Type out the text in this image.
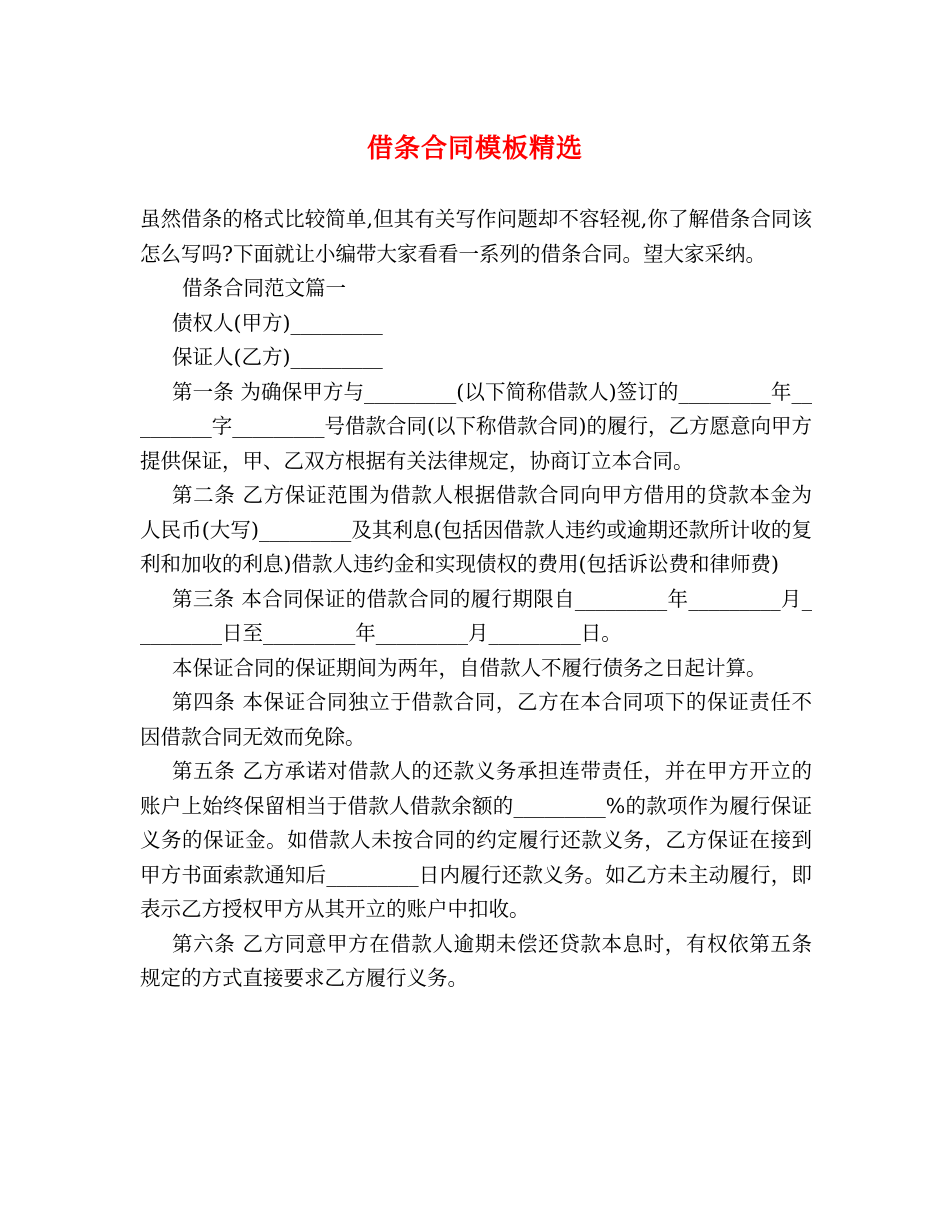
借条合同模板精选

虽然借条的格式比较简单,但其有关写作问题却不容轻视,你了解借条合同该怎么写吗?下面就让小编带大家看看一系列的借条合同。望大家采纳。

借条合同范文篇一

债权人(甲方)_________

保证人(乙方)_________

第一条 为确保甲方与_________(以下简称借款人)签订的_________年_________字_________号借款合同(以下称借款合同)的履行，乙方愿意向甲方提供保证，甲、乙双方根据有关法律规定，协商订立本合同。

第二条 乙方保证范围为借款人根据借款合同向甲方借用的贷款本金为人民币(大写)_________及其利息(包括因借款人违约或逾期还款所计收的复利和加收的利息)借款人违约金和实现债权的费用(包括诉讼费和律师费)

第三条 本合同保证的借款合同的履行期限自_________年_________月_________日至_________年_________月_________日。

本保证合同的保证期间为两年，自借款人不履行债务之日起计算。

第四条 本保证合同独立于借款合同，乙方在本合同项下的保证责任不因借款合同无效而免除。

第五条 乙方承诺对借款人的还款义务承担连带责任，并在甲方开立的账户上始终保留相当于借款人借款余额的_________%的款项作为履行保证义务的保证金。如借款人未按合同的约定履行还款义务，乙方保证在接到甲方书面索款通知后_________日内履行还款义务。如乙方未主动履行，即表示乙方授权甲方从其开立的账户中扣收。

第六条 乙方同意甲方在借款人逾期未偿还贷款本息时，有权依第五条规定的方式直接要求乙方履行义务。
